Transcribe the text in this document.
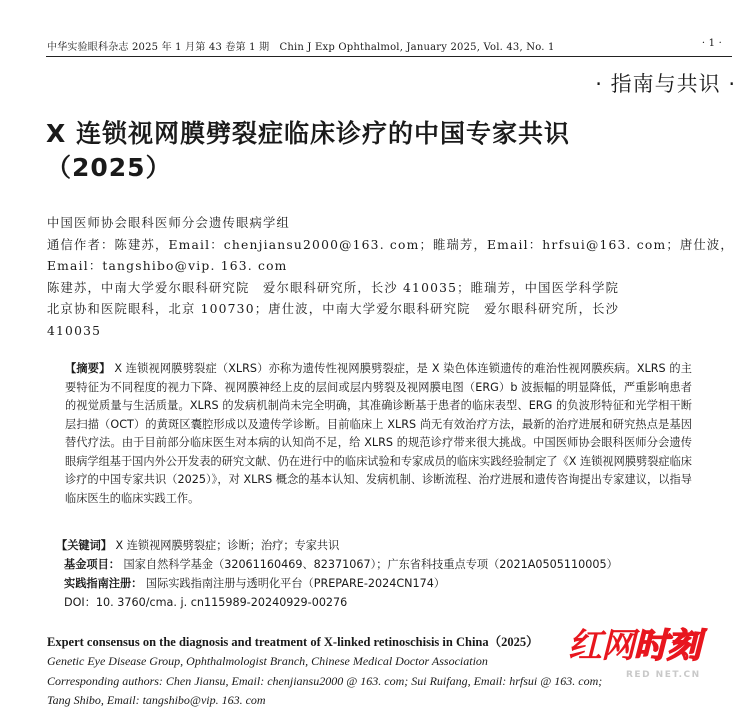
中华实验眼科杂志 2025 年 1 月第 43 卷第 1 期　Chin J Exp Ophthalmol, January 2025, Vol. 43, No. 1	· 1 ·
· 指南与共识 ·
X 连锁视网膜劈裂症临床诊疗的中国专家共识
（2025）
中国医师协会眼科医师分会遗传眼病学组
通信作者：陈建苏，Email：chenjiansu2000@163. com；睢瑞芳，Email：hrfsui@163. com；唐仕波，
Email：tangshibo@vip. 163. com
陈建苏，中南大学爱尔眼科研究院　爱尔眼科研究所，长沙 410035；睢瑞芳，中国医学科学院
北京协和医院眼科，北京 100730；唐仕波，中南大学爱尔眼科研究院　爱尔眼科研究所，长沙
410035
【摘要】 X 连锁视网膜劈裂症（XLRS）亦称为遗传性视网膜劈裂症，是 X 染色体连锁遗传的难治性视网膜疾病。XLRS 的主要特征为不同程度的视力下降、视网膜神经上皮的层间或层内劈裂及视网膜电图（ERG）b 波振幅的明显降低，严重影响患者的视觉质量与生活质量。XLRS 的发病机制尚未完全明确，其准确诊断基于患者的临床表型、ERG 的负波形特征和光学相干断层扫描（OCT）的黄斑区囊腔形成以及遗传学诊断。目前临床上 XLRS 尚无有效治疗方法，最新的治疗进展和研究热点是基因替代疗法。由于目前部分临床医生对本病的认知尚不足，给 XLRS 的规范诊疗带来很大挑战。中国医师协会眼科医师分会遗传眼病学组基于国内外公开发表的研究文献、仍在进行中的临床试验和专家成员的临床实践经验制定了《X 连锁视网膜劈裂症临床诊疗的中国专家共识（2025）》，对 XLRS 概念的基本认知、发病机制、诊断流程、治疗进展和遗传咨询提出专家建议，以指导临床医生的临床实践工作。
【关键词】 X 连锁视网膜劈裂症；诊断；治疗；专家共识
基金项目： 国家自然科学基金（32061160469、82371067）；广东省科技重点专项（2021A0505110005）
实践指南注册： 国际实践指南注册与透明化平台（PREPARE-2024CN174）
DOI：10. 3760/cma. j. cn115989-20240929-00276
Expert consensus on the diagnosis and treatment of X-linked retinoschisis in China（2025）
Genetic Eye Disease Group, Ophthalmologist Branch, Chinese Medical Doctor Association
Corresponding authors: Chen Jiansu, Email: chenjiansu2000 @ 163. com; Sui Ruifang, Email: hrfsui @ 163. com;
Tang Shibo, Email: tangshibo@vip. 163. com
红网时刻
RED NET.CN
